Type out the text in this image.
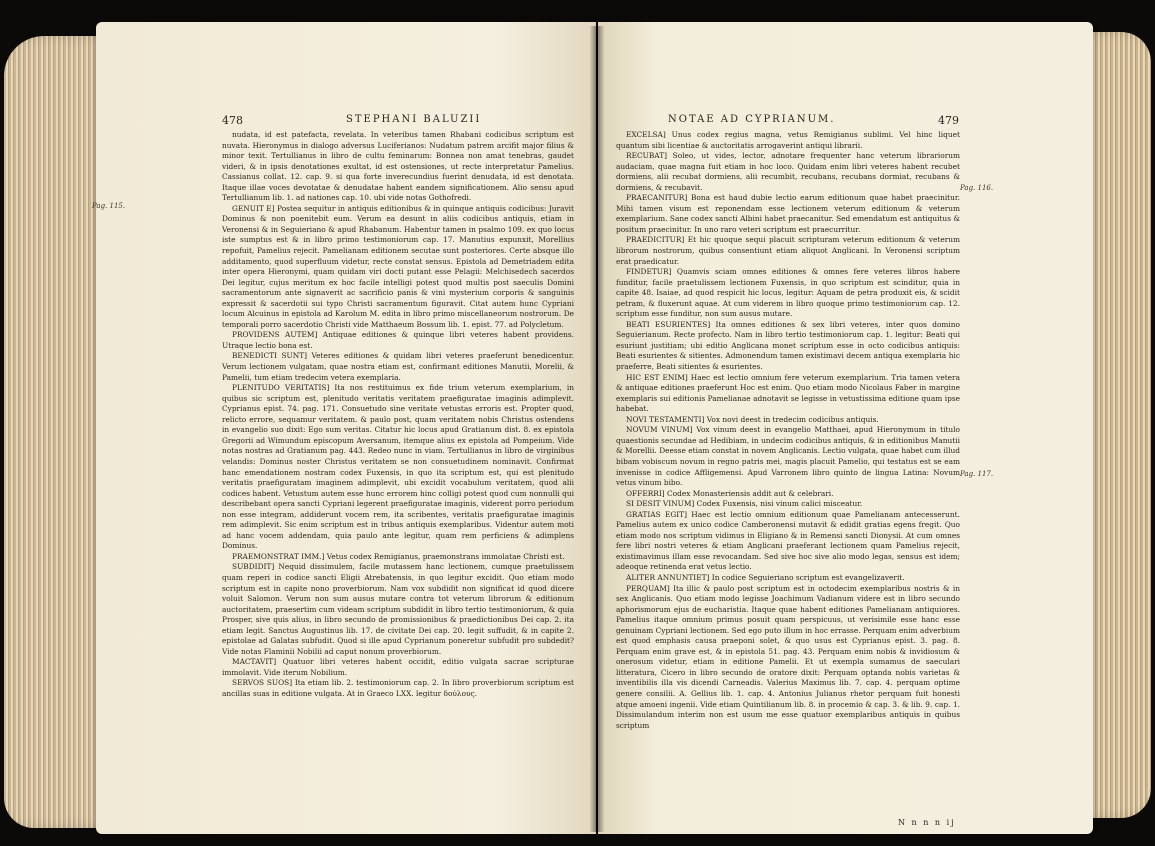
478	STEPHANI BALUZII

nudata, id est patefacta, revelata. In veteribus tamen Rhabani codicibus scriptum est nuvata. Hieronymus in dialogo adversus Luciferianos: Nudatum patrem arcifit major filius & minor texit. Tertullianus in libro de cultu feminarum: Bonnea non amat tenebras, gaudet videri, & in ipsis denotationes exultat, id est ostensiones, ut recte interpretatur Pamelius. Cassianus collat. 12. cap. 9. si qua forte inverecundius fuerint denudata, id est denotata. Itaque illae voces devotatae & denudatae habent eandem significationem. Alio sensu apud Tertullianum lib. 1. ad nationes cap. 10. ubi vide notas Gothofredi.

GENUIT E] Postea sequitur in antiquis editionibus & in quinque antiquis codicibus: Juravit Dominus & non poenitebit eum. Verum ea desunt in aliis codicibus antiquis, etiam in Veronensi & in Seguieriano & apud Rhabanum. Habentur tamen in psalmo 109. ex quo locus iste sumptus est & in libro primo testimoniorum cap. 17. Manutius expunxit, Morellius repofuit, Pamelius rejecit. Pamelianam editionem secutae sunt posteriores. Certe absque illo additamento, quod superfluum videtur, recte constat sensus. Epistola ad Demetriadem edita inter opera Hieronymi, quam quidam viri docti putant esse Pelagii: Melchisedech sacerdos Dei legitur, cujus meritum ex hoc facile intelligi potest quod multis post saeculis Domini sacramentorum ante signaverit ac sacrificio panis & vini mysterium corporis & sanguinis expressit & sacerdotii sui typo Christi sacramentum figuravit. Citat autem hunc Cypriani locum Alcuinus in epistola ad Karolum M. edita in libro primo miscellaneorum nostrorum. De temporali porro sacerdotio Christi vide Matthaeum Bossum lib. 1. epist. 77. ad Polycletum.

PROVIDENS AUTEM] Antiquae editiones & quinque libri veteres habent providens. Utraque lectio bona est.

BENEDICTI SUNT] Veteres editiones & quidam libri veteres praeferunt benedicentur. Verum lectionem vulgatam, quae nostra etiam est, confirmant editiones Manutii, Morelii, & Pamelii, tum etiam tredecim vetera exemplaria.

PLENITUDO VERITATIS] Ita nos restituimus ex fide trium veterum exemplarium, in quibus sic scriptum est, plenitudo veritatis veritatem praefiguratae imaginis adimplevit. Cyprianus epist. 74. pag. 171. Consuetudo sine veritate vetustas erroris est. Propter quod, relicto errore, sequamur veritatem. & paulo post, quam veritatem nobis Christus ostendens in evangelio suo dixit: Ego sum veritas. Citatur hic locus apud Gratianum dist. 8. ex epistola Gregorii ad Wimundum episcopum Aversanum, itemque alius ex epistola ad Pompeium. Vide notas nostras ad Gratianum pag. 443. Redeo nunc in viam. Tertullianus in libro de virginibus velandis: Dominus noster Christus veritatem se non consuetudinem nominavit. Confirmat hanc emendationem nostram codex Fuxensis, in quo ita scriptum est, qui est plenitudo veritatis praefiguratam imaginem adimplevit, ubi excidit vocabulum veritatem, quod alii codices habent. Vetustum autem esse hunc errorem hinc colligi potest quod cum nonnulli qui describebant opera sancti Cypriani legerent praefiguratae imaginis, viderent porro periodum non esse integram, addiderunt vocem rem, ita scribentes, veritatis praefiguratae imaginis rem adimplevit. Sic enim scriptum est in tribus antiquis exemplaribus. Videntur autem moti ad hanc vocem addendam, quia paulo ante legitur, quam rem perficiens & adimplens Dominus.

PRAEMONSTRAT IMM.] Vetus codex Remigianus, praemonstrans immolatae Christi est.

SUBDIDIT] Nequid dissimulem, facile mutassem hanc lectionem, cumque praetulissem quam reperi in codice sancti Eligii Atrebatensis, in quo legitur excidit. Quo etiam modo scriptum est in capite nono proverbiorum. Nam vox subdidit non significat id quod dicere voluit Salomon. Verum non sum ausus mutare contra tot veterum librorum & editionum auctoritatem, praesertim cum videam scriptum subdidit in libro tertio testimoniorum, & quia Prosper, sive quis alius, in libro secundo de promissionibus & praedictionibus Dei cap. 2. ita etiam legit. Sanctus Augustinus lib. 17. de civitate Dei cap. 20. legit suffudit, & in capite 2. epistolae ad Galatas subfudit. Quod si ille apud Cyprianum poneretur subfudit pro subdedit? Vide notas Flaminii Nobilii ad caput nonum proverbiorum.

MACTAVIT] Quatuor libri veteres habent occidit, editio vulgata sacrae scripturae immolavit. Vide iterum Nobilium.

SERVOS SUOS] Ita etiam lib. 2. testimoniorum cap. 2. In libro proverbiorum scriptum est ancillas suas in editione vulgata. At in Graeco LXX. legitur δούλους.

Pag. 115.
NOTAE AD CYPRIANUM.	479

EXCELSA] Unus codex regius magna, vetus Remigianus sublimi. Vel hinc liquet quantum sibi licentiae & auctoritatis arrogaverint antiqui librarii.

RECUBAT] Soleo, ut vides, lector, adnotare frequenter hanc veterum librariorum audaciam, quae magna fuit etiam in hoc loco. Quidam enim libri veteres habent recubet dormiens, alii recubat dormiens, alii recumbit, recubans, recubans dormiat, recubans & dormiens, & recubavit.

PRAECANITUR] Bona est haud dubie lectio earum editionum quae habet praecinitur. Mihi tamen visum est reponendam esse lectionem veterum editionum & veterum exemplarium. Sane codex sancti Albini habet praecanitur. Sed emendatum est antiquitus & positum praecinitur. In uno raro veteri scriptum est praecurritur.

PRAEDICITUR] Et hic quoque sequi placuit scripturam veterum editionum & veterum librorum nostrorum, quibus consentiunt etiam aliquot Anglicani. In Veronensi scriptum erat praedicatur.

FINDETUR] Quamvis sciam omnes editiones & omnes fere veteres libros habere funditur, facile praetulissem lectionem Fuxensis, in quo scriptum est scinditur, quia in capite 48. Isaiae, ad quod respicit hic locus, legitur: Aquam de petra produxit eis, & scidit petram, & fluxerunt aquae. At cum viderem in libro quoque primo testimoniorum cap. 12. scriptum esse funditur, non sum ausus mutare.

BEATI ESURIENTES] Ita omnes editiones & sex libri veteres, inter quos domino Seguierianum. Recte profecto. Nam in libro tertio testimoniorum cap. 1. legitur: Beati qui esuriunt justitiam; ubi editio Anglicana monet scriptum esse in octo codicibus antiquis: Beati esurientes & sitientes. Admonendum tamen existimavi decem antiqua exemplaria hic praeferre, Beati sitientes & esurientes.

HIC EST ENIM] Haec est lectio omnium fere veterum exemplarium. Tria tamen vetera & antiquae editiones praeferunt Hoc est enim. Quo etiam modo Nicolaus Faber in margine exemplaris sui editionis Pamelianae adnotavit se legisse in vetustissima editione quam ipse habebat.

NOVI TESTAMENTI] Vox novi deest in tredecim codicibus antiquis.

NOVUM VINUM] Vox vinum deest in evangelio Matthaei, apud Hieronymum in titulo quaestionis secundae ad Hedibiam, in undecim codicibus antiquis, & in editionibus Manutii & Morellii. Deesse etiam constat in novem Anglicanis. Lectio vulgata, quae habet cum illud bibam vobiscum novum in regno patris mei, magis placuit Pamelio, qui testatus est se eam invenisse in codice Affligemensi. Apud Varronem libro quinto de lingua Latina: Novum vetus vinum bibo.

OFFERRI] Codex Monasteriensis addit aut & celebrari.

SI DESIT VINUM] Codex Fuxensis, nisi vinum calici misceatur.

GRATIAS EGIT] Haec est lectio omnium editionum quae Pamelianam antecesserunt. Pamelius autem ex unico codice Camberonensi mutavit & edidit gratias egens fregit. Quo etiam modo nos scriptum vidimus in Eligiano & in Remensi sancti Dionysii. At cum omnes fere libri nostri veteres & etiam Anglicani praeferant lectionem quam Pamelius rejecit, existimavimus illam esse revocandam. Sed sive hoc sive alio modo legas, sensus est idem; adeoque retinenda erat vetus lectio.

ALITER ANNUNTIET] In codice Seguieriano scriptum est evangelizaverit.

PERQUAM] Ita illic & paulo post scriptum est in octodecim exemplaribus nostris & in sex Anglicanis. Quo etiam modo legisse Joachimum Vadianum videre est in libro secundo aphorismorum ejus de eucharistia. Itaque quae habent editiones Pamelianam antiquiores. Pamelius itaque omnium primus posuit quam perspicuus, ut verisimile esse hanc esse genuinam Cypriani lectionem. Sed ego puto illum in hoc errasse. Perquam enim adverbium est quod emphasis causa praeponi solet, & quo usus est Cyprianus epist. 3. pag. 8. Perquam enim grave est, & in epistola 51. pag. 43. Perquam enim nobis & invidiosum & onerosum videtur, etiam in editione Pamelii. Et ut exempla sumamus de saeculari litteratura, Cicero in libro secundo de oratore dixit: Perquam optanda nobis varietas & inventibilis illa vis dicendi Carneadis. Valerius Maximus lib. 7. cap. 4. perquam optime genere consilii. A. Gellius lib. 1. cap. 4. Antonius Julianus rhetor perquam fuit honesti atque amoeni ingenii. Vide etiam Quintilianum lib. 8. in procemio & cap. 3. & lib. 9. cap. 1. Dissimulandum interim non est usum me esse quatuor exemplaribus antiquis in quibus scriptum

N n n n ij
Pag. 116.
Pag. 117.
